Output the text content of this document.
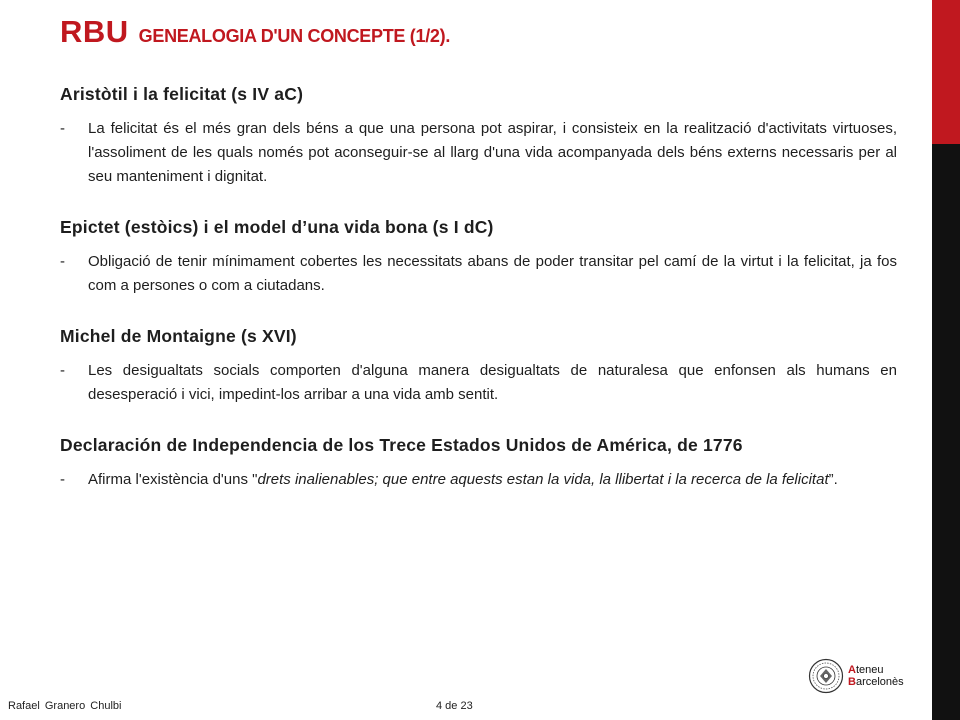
RBU GENEALOGIA D'UN CONCEPTE (1/2).
Aristòtil i la felicitat (s IV aC)
-	La felicitat és el més gran dels béns a que una persona pot aspirar, i consisteix en la realització d'activitats virtuoses, l'assoliment de les quals només pot aconseguir-se al llarg d'una vida acompanyada dels béns externs necessaris per al seu manteniment i dignitat.
Epictet (estòics) i el model d’una vida bona (s I dC)
-	Obligació de tenir mínimament cobertes les necessitats abans de poder transitar pel camí de la virtut i la felicitat, ja fos com a persones o com a ciutadans.
Michel de Montaigne (s XVI)
-	Les desigualtats socials comporten d'alguna manera desigualtats de naturalesa que enfonsen als humans en desesperació i vici, impedint-los arribar a una vida amb sentit.
Declaración de Independencia de los Trece Estados Unidos de América, de 1776
-	Afirma l'existència d'uns "drets inalienables; que entre aquests estan la vida, la llibertat i la recerca de la felicitat”.
Rafael Granero Chulbi	4 de 23
Ateneu
Barcelonès
